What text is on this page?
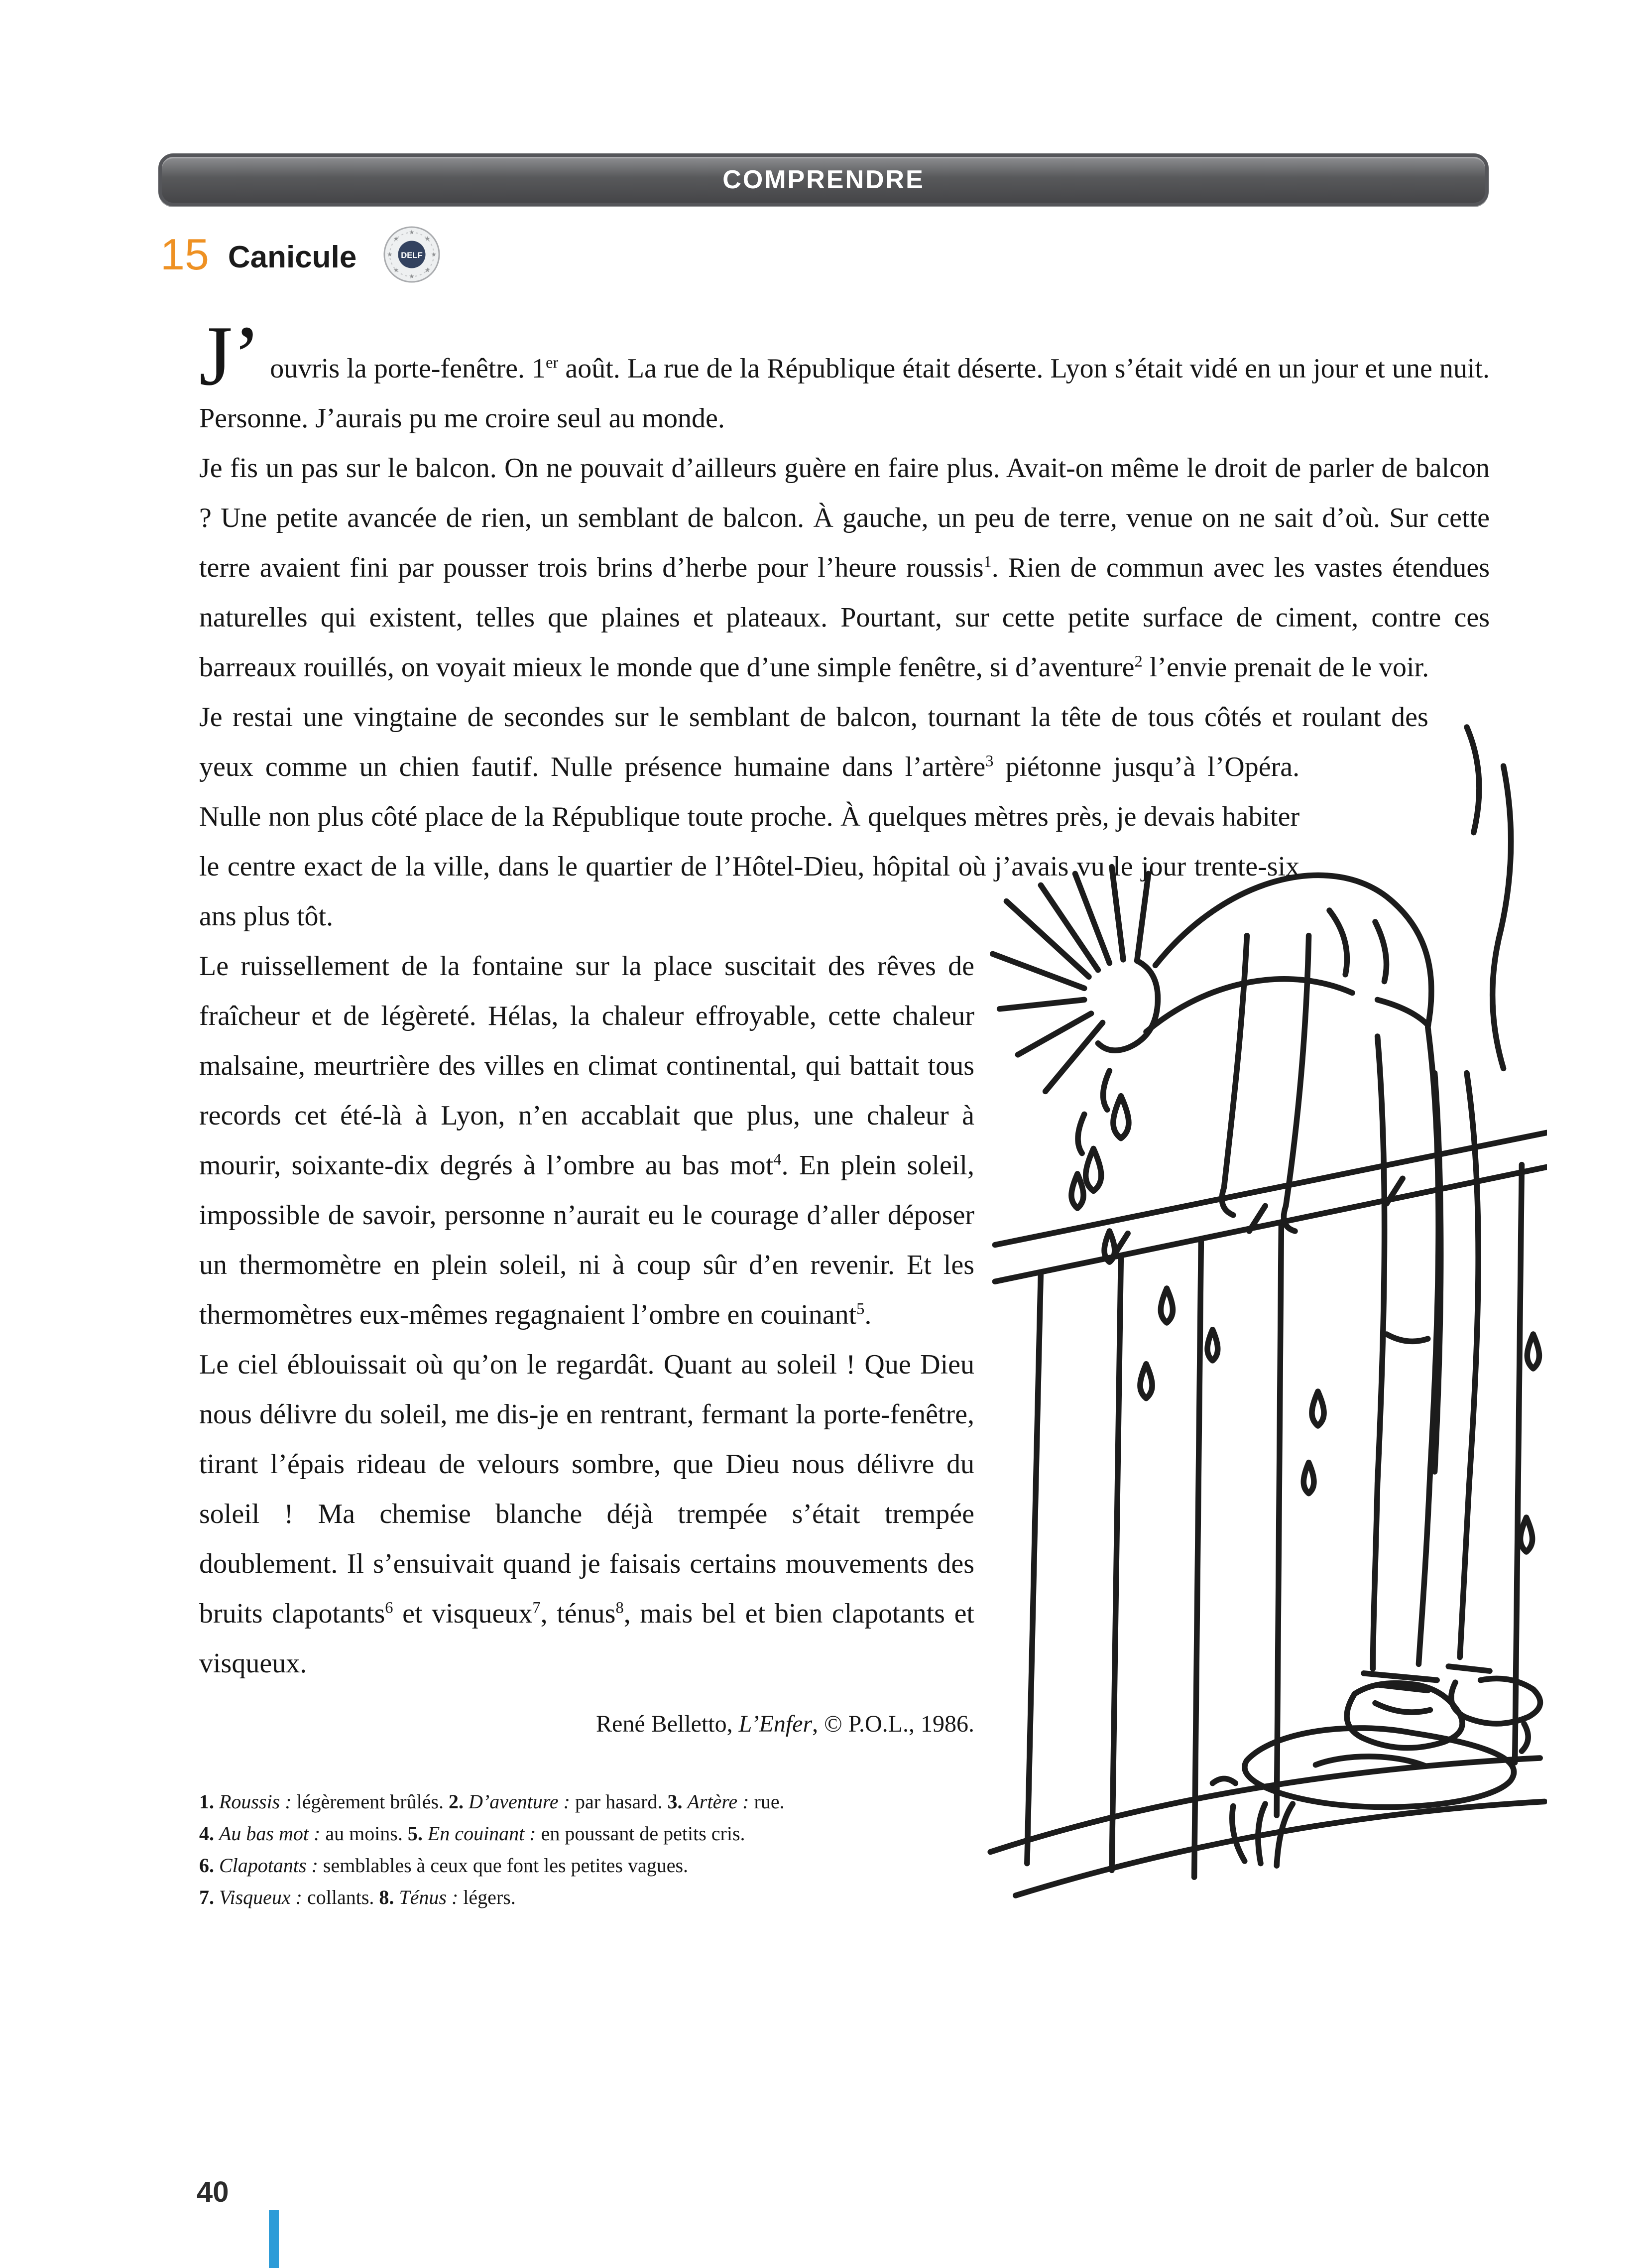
COMPRENDRE
15 Canicule	★
★
★
★
★
★
★
★
DELF

J’ ouvris la porte-fenêtre. 1er août. La rue de la République était déserte. Lyon s’était vidé en un jour et une nuit. Personne. J’aurais pu me croire seul au monde.

Je fis un pas sur le balcon. On ne pouvait d’ailleurs guère en faire plus. Avait-on même le droit de parler de balcon ? Une petite avancée de rien, un semblant de balcon. À gauche, un peu de terre, venue on ne sait d’où. Sur cette terre avaient fini par pousser trois brins d’herbe pour l’heure roussis$^1$. Rien de commun avec les vastes étendues naturelles qui existent, telles que plaines et plateaux. Pourtant, sur cette petite surface de ciment, contre ces barreaux rouillés, on voyait mieux le monde que d’une simple fenêtre, si d’aventure$^2$ l’envie prenait de le voir.

Je restai une vingtaine de secondes sur le semblant de balcon, tournant la tête de tous côtés et roulant des yeux comme un chien fautif. Nulle présence humaine dans l’artère$^3$ piétonne jusqu’à l’Opéra. Nulle non plus côté place de la République toute proche. À quelques mètres près, je devais habiter le centre exact de la ville, dans le quartier de l’Hôtel-Dieu, hôpital où j’avais vu le jour trente-six ans plus tôt.

Le ruissellement de la fontaine sur la place suscitait des rêves de fraîcheur et de légèreté. Hélas, la chaleur effroyable, cette chaleur malsaine, meurtrière des villes en climat continental, qui battait tous records cet été-là à Lyon, n’en accablait que plus, une chaleur à mourir, soixante-dix degrés à l’ombre au bas mot$^4$. En plein soleil, impossible de savoir, personne n’aurait eu le courage d’aller déposer un thermomètre en plein soleil, ni à coup sûr d’en revenir. Et les thermomètres eux-mêmes regagnaient l’ombre en couinant$^5$.

Le ciel éblouissait où qu’on le regardât. Quant au soleil ! Que Dieu nous délivre du soleil, me dis-je en rentrant, fermant la porte-fenêtre, tirant l’épais rideau de velours sombre, que Dieu nous délivre du soleil ! Ma chemise blanche déjà trempée s’était trempée doublement. Il s’ensuivait quand je faisais certains mouvements des bruits clapotants$^6$ et visqueux$^7$, ténus$^8$, mais bel et bien clapotants et visqueux.

René Belletto, L’Enfer, © P.O.L., 1986.

1. Roussis : légèrement brûlés. 2. D’aventure : par hasard. 3. Artère : rue.

4. Au bas mot : au moins. 5. En couinant : en poussant de petits cris.

6. Clapotants : semblables à ceux que font les petites vagues.

7. Visqueux : collants. 8. Ténus : légers.

40
